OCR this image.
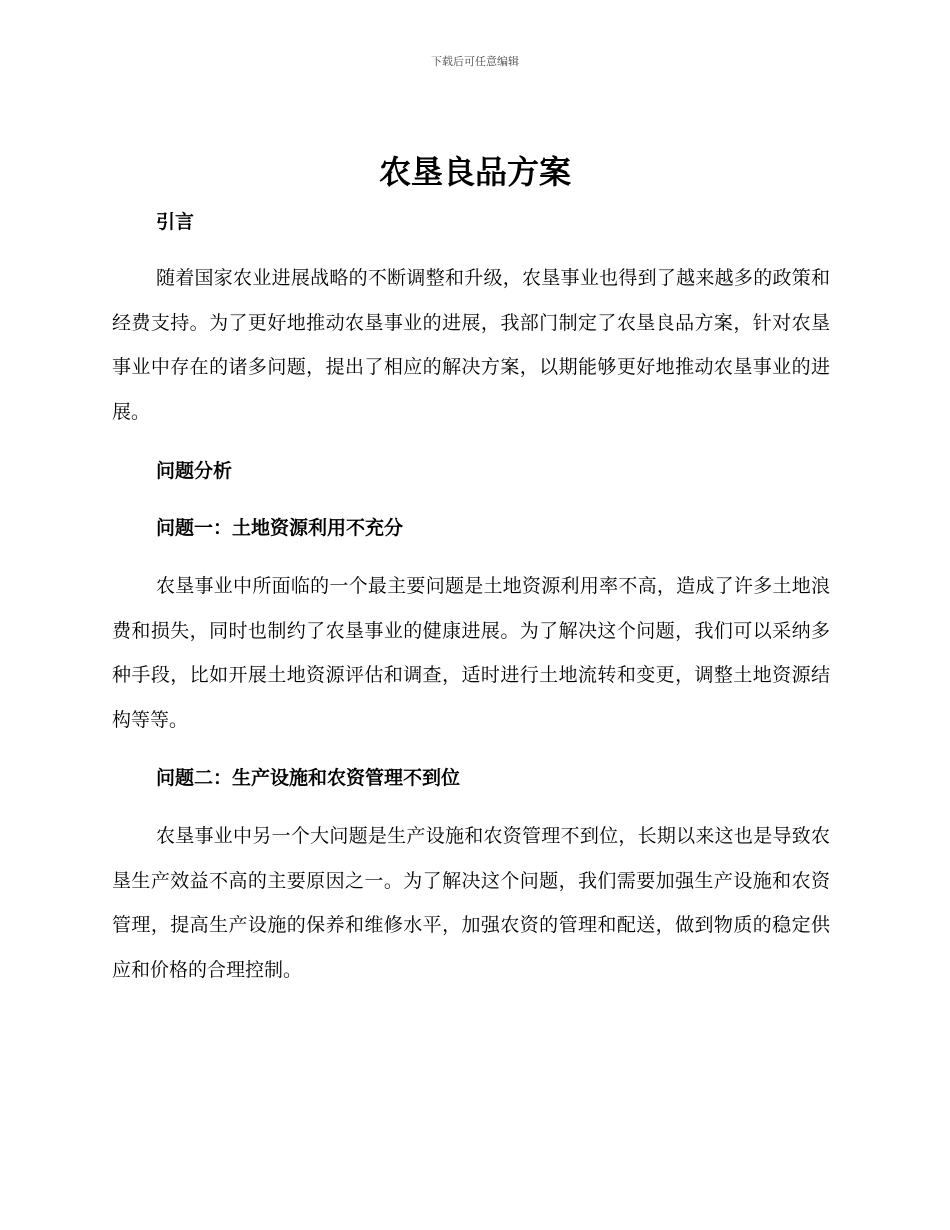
下载后可任意编辑
农垦良品方案
引言

随着国家农业进展战略的不断调整和升级，农垦事业也得到了越来越多的政策和经费支持。为了更好地推动农垦事业的进展，我部门制定了农垦良品方案，针对农垦事业中存在的诸多问题，提出了相应的解决方案，以期能够更好地推动农垦事业的进展。

问题分析
问题一：土地资源利用不充分

农垦事业中所面临的一个最主要问题是土地资源利用率不高，造成了许多土地浪费和损失，同时也制约了农垦事业的健康进展。为了解决这个问题，我们可以采纳多种手段，比如开展土地资源评估和调查，适时进行土地流转和变更，调整土地资源结构等等。

问题二：生产设施和农资管理不到位

农垦事业中另一个大问题是生产设施和农资管理不到位，长期以来这也是导致农垦生产效益不高的主要原因之一。为了解决这个问题，我们需要加强生产设施和农资管理，提高生产设施的保养和维修水平，加强农资的管理和配送，做到物质的稳定供应和价格的合理控制。
